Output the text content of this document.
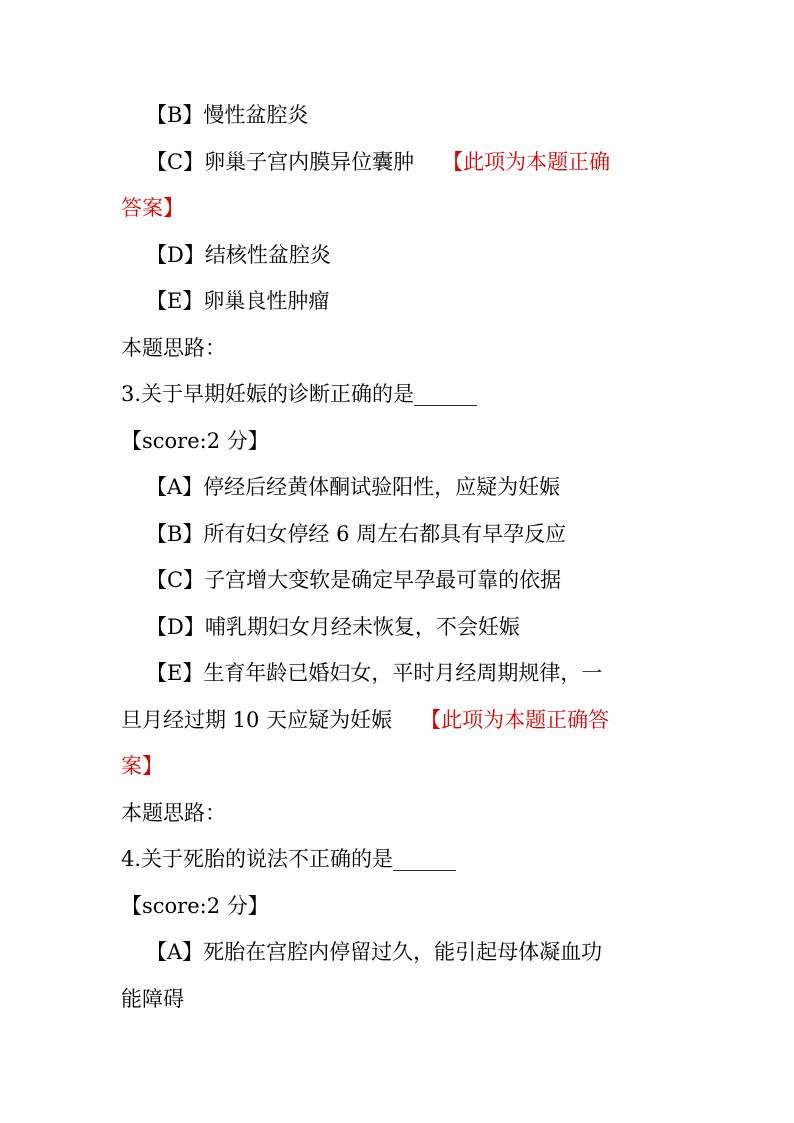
【B】慢性盆腔炎

【C】卵巢子宫内膜异位囊肿 【此项为本题正确

答案】

【D】结核性盆腔炎

【E】卵巢良性肿瘤

本题思路：

3.关于早期妊娠的诊断正确的是______

【score:2 分】

【A】停经后经黄体酮试验阳性，应疑为妊娠

【B】所有妇女停经 6 周左右都具有早孕反应

【C】子宫增大变软是确定早孕最可靠的依据

【D】哺乳期妇女月经未恢复，不会妊娠

【E】生育年龄已婚妇女，平时月经周期规律，一

旦月经过期 10 天应疑为妊娠 【此项为本题正确答

案】

本题思路：

4.关于死胎的说法不正确的是______

【score:2 分】

【A】死胎在宫腔内停留过久，能引起母体凝血功

能障碍
